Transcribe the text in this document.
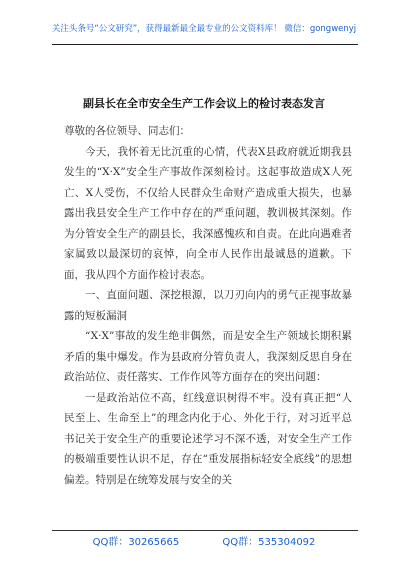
关注头条号“公文研究”，获得最新最全最专业的公文资料库！ 微信：gongwenyj
副县长在全市安全生产工作会议上的检讨表态发言

尊敬的各位领导、同志们：

今天，我怀着无比沉重的心情，代表X县政府就近期我县发生的“X·X”安全生产事故作深刻检讨。这起事故造成X人死亡、X人受伤，不仅给人民群众生命财产造成重大损失，也暴露出我县安全生产工作中存在的严重问题，教训极其深刻。作为分管安全生产的副县长，我深感愧疚和自责。在此向遇难者家属致以最深切的哀悼，向全市人民作出最诚恳的道歉。下面，我从四个方面作检讨表态。

一、直面问题、深挖根源，以刀刃向内的勇气正视事故暴露的短板漏洞

“X·X”事故的发生绝非偶然，而是安全生产领域长期积累矛盾的集中爆发。作为县政府分管负责人，我深刻反思自身在政治站位、责任落实、工作作风等方面存在的突出问题：

一是政治站位不高，红线意识树得不牢。没有真正把“人民至上、生命至上”的理念内化于心、外化于行，对习近平总书记关于安全生产的重要论述学习不深不透，对安全生产工作的极端重要性认识不足，存在“重发展指标轻安全底线”的思想偏差。特别是在统筹发展与安全的关

QQ群：30265665	QQ群：535304092
